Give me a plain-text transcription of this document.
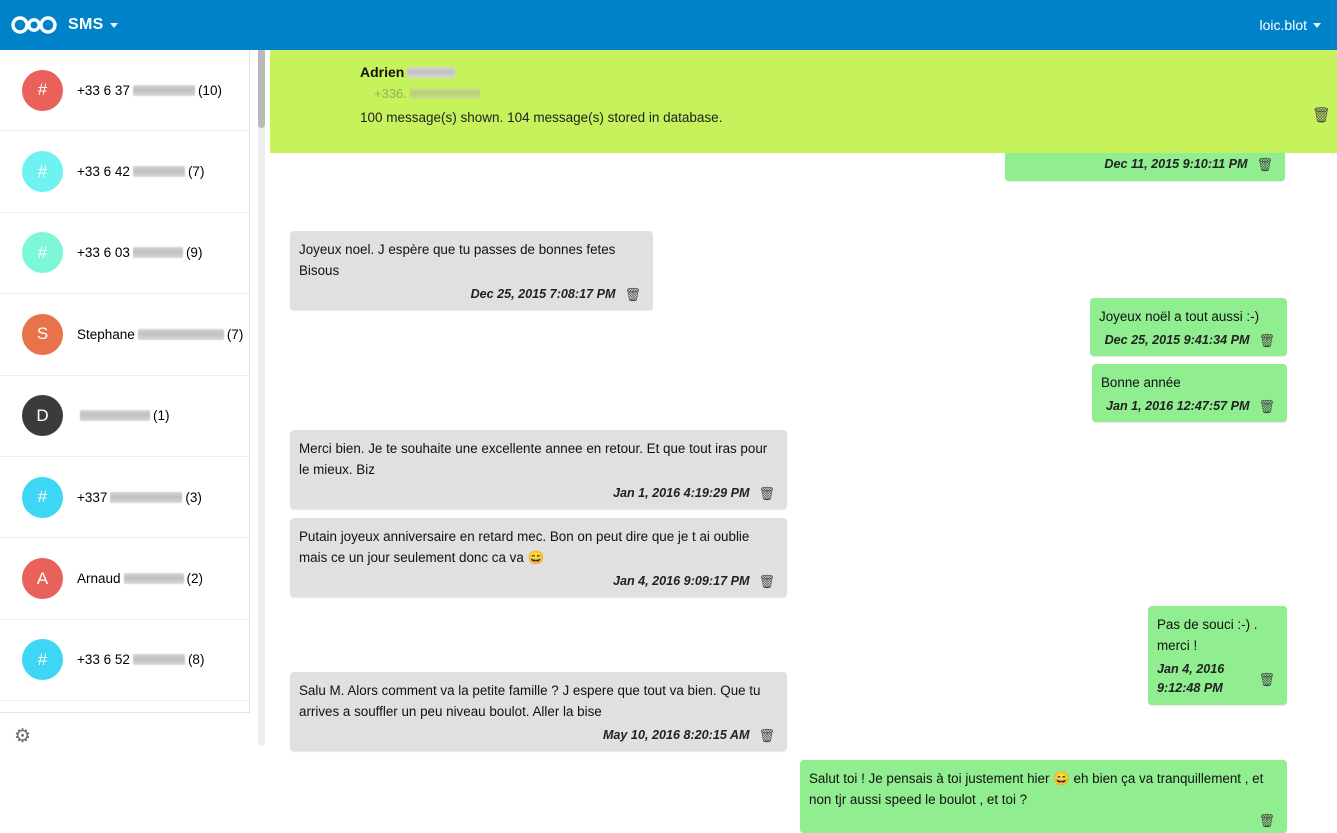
SMS	loic.blot
#	+33 6 37	(10)
#	+33 6 42	(7)
#	+33 6 03	(9)
S	Stephane	(7)
D	(1)
#	+337	(3)
A	Arnaud	(2)
#	+33 6 52	(8)
⚙
Adrien
+336.
100 message(s) shown. 104 message(s) stored in database.	🗑
Dec 11, 2015 9:10:11 PM 🗑
Joyeux noel. J espère que tu passes de bonnes fetes Bisous
Dec 25, 2015 7:08:17 PM 🗑
Joyeux noël a tout aussi :-)
Dec 25, 2015 9:41:34 PM 🗑
Bonne année
Jan 1, 2016 12:47:57 PM 🗑
Merci bien. Je te souhaite une excellente annee en retour. Et que tout iras pour le mieux. Biz
Jan 1, 2016 4:19:29 PM 🗑
Putain joyeux anniversaire en retard mec. Bon on peut dire que je t ai oublie mais ce un jour seulement donc ca va 😄
Jan 4, 2016 9:09:17 PM 🗑
Pas de souci :-) . merci !
Jan 4, 2016 9:12:48 PM
🗑
Salu M. Alors comment va la petite famille ? J espere que tout va bien. Que tu arrives a souffler un peu niveau boulot. Aller la bise
May 10, 2016 8:20:15 AM 🗑
Salut toi ! Je pensais à toi justement hier 😄 eh bien ça va tranquillement , et non tjr aussi speed le boulot , et toi ?
🗑
